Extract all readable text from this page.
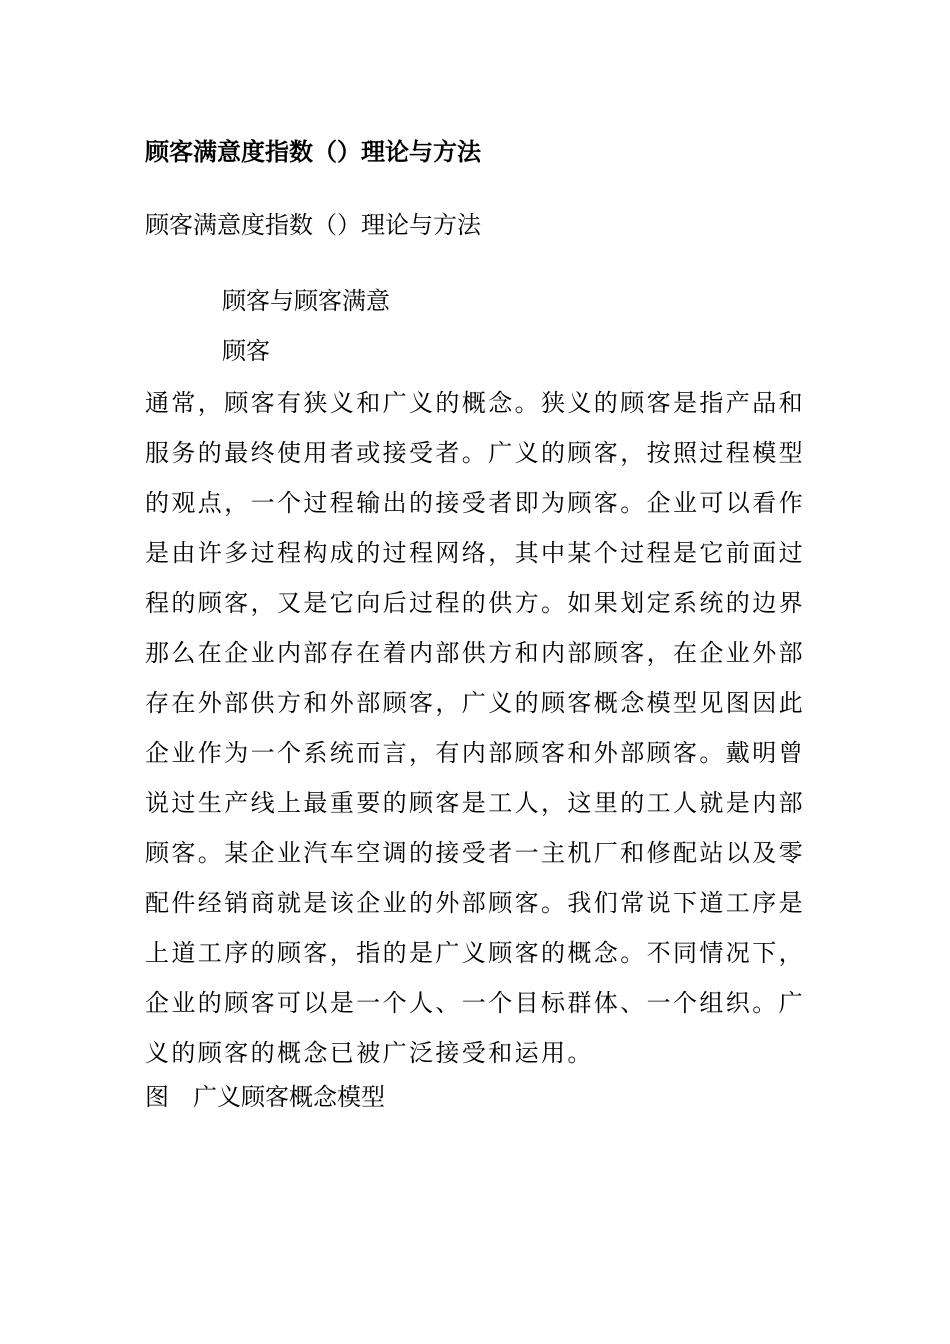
顾客满意度指数（）理论与方法
顾客满意度指数（）理论与方法
顾客与顾客满意
顾客
通常，顾客有狭义和广义的概念。狭义的顾客是指产品和
服务的最终使用者或接受者。广义的顾客，按照过程模型
的观点，一个过程输出的接受者即为顾客。企业可以看作
是由许多过程构成的过程网络，其中某个过程是它前面过
程的顾客，又是它向后过程的供方。如果划定系统的边界
那么在企业内部存在着内部供方和内部顾客，在企业外部
存在外部供方和外部顾客，广义的顾客概念模型见图因此
企业作为一个系统而言，有内部顾客和外部顾客。戴明曾
说过生产线上最重要的顾客是工人，这里的工人就是内部
顾客。某企业汽车空调的接受者一主机厂和修配站以及零
配件经销商就是该企业的外部顾客。我们常说下道工序是
上道工序的顾客，指的是广义顾客的概念。不同情况下，
企业的顾客可以是一个人、一个目标群体、一个组织。广
义的顾客的概念已被广泛接受和运用。
图　广义顾客概念模型
